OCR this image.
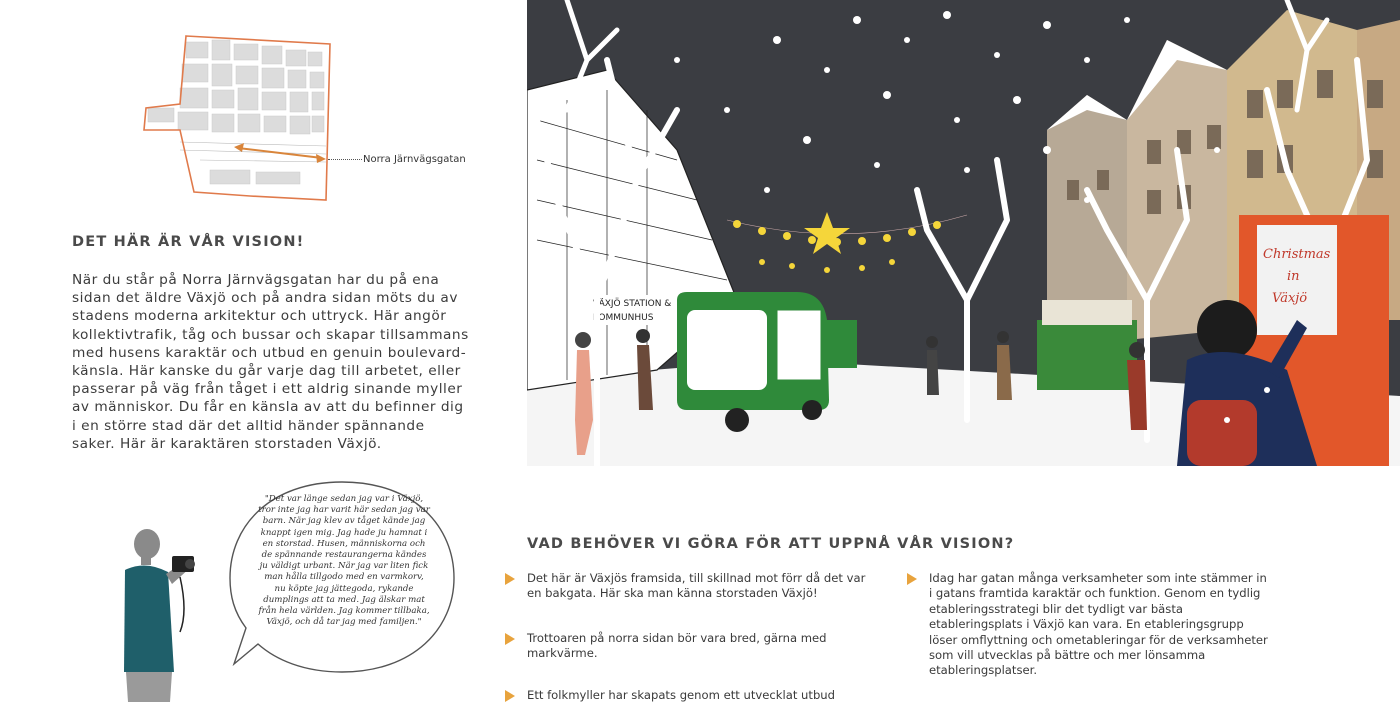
Norra Järnvägsgatan
DET HÄR ÄR VÅR VISION!
När du står på Norra Järnvägsgatan har du på ena sidan det äldre Växjö och på andra sidan möts du av stadens moderna arkitektur och uttryck. Här angör kollektivtrafik, tåg och bussar och skapar tillsammans med husens karaktär och utbud en genuin boulevard-känsla. Här kanske du går varje dag till arbetet, eller passerar på väg från tåget i ett aldrig sinande myller av människor. Du får en känsla av att du befinner dig i en större stad där det alltid händer spännande saker. Här är karaktären storstaden Växjö.
"Det var länge sedan jag var i Växjö, tror inte jag har varit här sedan jag var barn. När jag klev av tåget kände jag knappt igen mig. Jag hade ju hamnat i en storstad. Husen, människorna och de spännande restaurangerna kändes ju väldigt urbant. När jag var liten fick man hålla tillgodo med en varmkorv, nu köpte jag jättegoda, rykande dumplings att ta med. Jag älskar mat från hela världen. Jag kommer tillbaka, Växjö, och då tar jag med familjen."
VÄXJÖ STATION &
KOMMUNHUS
Christmas
in
Växjö
VAD BEHÖVER VI GÖRA FÖR ATT UPPNÅ VÅR VISION?
Det här är Växjös framsida, till skillnad mot förr då det var en bakgata. Här ska man känna storstaden Växjö!
Trottoaren på norra sidan bör vara bred, gärna med markvärme.
Ett folkmyller har skapats genom ett utvecklat utbud
Idag har gatan många verksamheter som inte stämmer in i gatans framtida karaktär och funktion. Genom en tydlig etableringsstrategi blir det tydligt var bästa etableringsplats i Växjö kan vara. En etableringsgrupp löser omflyttning och ometableringar för de verksamheter som vill utvecklas på bättre och mer lönsamma etableringsplatser.
